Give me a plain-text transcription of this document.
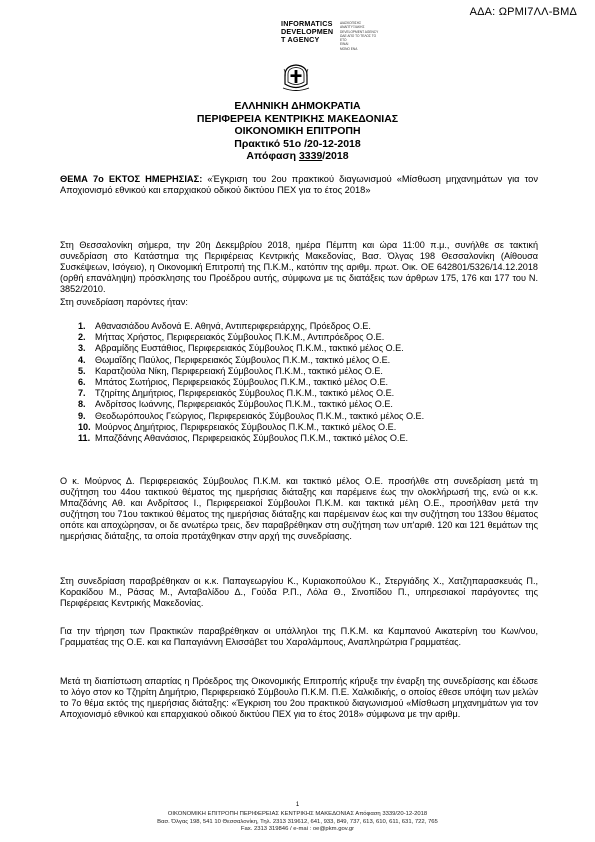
ΑΔΑ: ΩΡΜΙ7ΛΛ-ΒΜΔ
INFORMATICS
DEVELOPMEN
T AGENCY
ΔΙΑΣΚΟΠΙΣΗΣ
ΑΝΑΠΤΥΞΙΑΚΗΣ
DEVELOPMENT AGENCY
ΩΔΕ ΑΠΟ ΤΟ ΤΕΛΟΣ ΤΟ
ΕΤΟ
ΕΙΝΑΙ
ΜΟΝΟ ΕΝΑ
ΕΛΛΗΝΙΚΗ ΔΗΜΟΚΡΑΤΙΑ
ΠΕΡΙΦΕΡΕΙΑ ΚΕΝΤΡΙΚΗΣ ΜΑΚΕΔΟΝΙΑΣ
ΟΙΚΟΝΟΜΙΚΗ ΕΠΙΤΡΟΠΗ
Πρακτικό 51ο /20-12-2018
Απόφαση 3339/2018
ΘΕΜΑ 7ο ΕΚΤΟΣ ΗΜΕΡΗΣΙΑΣ: «Έγκριση του 2ου πρακτικού διαγωνισμού «Μίσθωση μηχανημάτων για τον Αποχιονισμό εθνικού και επαρχιακού οδικού δικτύου ΠΕΧ για το έτος 2018»
Στη Θεσσαλονίκη σήμερα, την 20η Δεκεμβρίου 2018, ημέρα Πέμπτη και ώρα 11:00 π.μ., συνήλθε σε τακτική συνεδρίαση στο Κατάστημα της Περιφέρειας Κεντρικής Μακεδονίας, Βασ. Όλγας 198 Θεσσαλονίκη (Αίθουσα Συσκέψεων, Ισόγειο), η Οικονομική Επιτροπή της Π.Κ.Μ., κατόπιν της αριθμ. πρωτ. Οικ. ΟΕ 642801/5326/14.12.2018 (ορθή επανάληψη) πρόσκλησης του Προέδρου αυτής, σύμφωνα με τις διατάξεις των άρθρων 175, 176 και 177 του Ν. 3852/2010.
Στη συνεδρίαση παρόντες ήταν:
1.	Αθανασιάδου Ανδονά Ε. Αθηνά, Αντιπεριφερειάρχης, Πρόεδρος Ο.Ε.
2.	Μήττας Χρήστος, Περιφερειακός Σύμβουλος Π.Κ.Μ., Αντιπρόεδρος Ο.Ε.
3.	Αβραμίδης Ευστάθιος, Περιφερειακός Σύμβουλος Π.Κ.Μ., τακτικό μέλος Ο.Ε.
4.	Θωμαΐδης Παύλος, Περιφερειακός Σύμβουλος Π.Κ.Μ., τακτικό μέλος Ο.Ε.
5.	Καρατζιούλα Νίκη, Περιφερειακή Σύμβουλος Π.Κ.Μ., τακτικό μέλος Ο.Ε.
6.	Μπάτος Σωτήριος, Περιφερειακός Σύμβουλος Π.Κ.Μ., τακτικό μέλος Ο.Ε.
7.	Τζηρίτης Δημήτριος, Περιφερειακός Σύμβουλος Π.Κ.Μ., τακτικό μέλος Ο.Ε.
8.	Ανδρίτσος Ιωάννης, Περιφερειακός Σύμβουλος Π.Κ.Μ., τακτικό μέλος Ο.Ε.
9.	Θεοδωρόπουλος Γεώργιος, Περιφερειακός Σύμβουλος Π.Κ.Μ., τακτικό μέλος Ο.Ε.
10. Μούρνος Δημήτριος, Περιφερειακός Σύμβουλος Π.Κ.Μ., τακτικό μέλος Ο.Ε.
11. Μπαζδάνης Αθανάσιος, Περιφερειακός Σύμβουλος Π.Κ.Μ., τακτικό μέλος Ο.Ε.
Ο κ. Μούρνος Δ. Περιφερειακός Σύμβουλος Π.Κ.Μ. και τακτικό μέλος Ο.Ε. προσήλθε στη συνεδρίαση μετά τη συζήτηση του 44ου τακτικού θέματος της ημερήσιας διάταξης και παρέμεινε έως την ολοκλήρωσή της, ενώ οι κ.κ. Μπαζδάνης Αθ. και Ανδρίτσος Ι., Περιφερειακοί Σύμβουλοι Π.Κ.Μ. και τακτικά μέλη Ο.Ε., προσήλθαν μετά την συζήτηση του 71ου τακτικού θέματος της ημερήσιας διάταξης και παρέμειναν έως και την συζήτηση του 133ου θέματος οπότε και αποχώρησαν, οι δε ανωτέρω τρεις, δεν παραβρέθηκαν στη συζήτηση των υπ'αριθ. 120 και 121 θεμάτων της ημερήσιας διάταξης, τα οποία προτάχθηκαν στην αρχή της συνεδρίασης.
Στη συνεδρίαση παραβρέθηκαν οι κ.κ. Παπαγεωργίου Κ., Κυριακοπούλου Κ., Στεργιάδης Χ., Χατζηπαρασκευάς Π., Κορακίδου Μ., Ράσας Μ., Ανταβαλίδου Δ., Γούδα Ρ.Π., Λόλα Θ., Σινοπίδου Π., υπηρεσιακοί παράγοντες της Περιφέρειας Κεντρικής Μακεδονίας.
Για την τήρηση των Πρακτικών παραβρέθηκαν οι υπάλληλοι της Π.Κ.Μ. κα Καμπανού Αικατερίνη του Κων/νου, Γραμματέας της Ο.Ε. και κα Παπαγιάννη Ελισσάβετ του Χαραλάμπους, Αναπληρώτρια Γραμματέας.
Μετά τη διαπίστωση απαρτίας η Πρόεδρος της Οικονομικής Επιτροπής κήρυξε την έναρξη της συνεδρίασης και έδωσε το λόγο στον κο Τζηρίτη Δημήτριο, Περιφερειακό Σύμβουλο Π.Κ.Μ. Π.Ε. Χαλκιδικής, ο οποίος έθεσε υπόψη των μελών το 7ο θέμα εκτός της ημερήσιας διάταξης: «Έγκριση του 2ου πρακτικού διαγωνισμού «Μίσθωση μηχανημάτων για τον Αποχιονισμό εθνικού και επαρχιακού οδικού δικτύου ΠΕΧ για το έτος 2018» σύμφωνα με την αριθμ.
1
ΟΙΚΟΝΟΜΙΚΗ ΕΠΙΤΡΟΠΗ ΠΕΡΙΦΕΡΕΙΑΣ ΚΕΝΤΡΙΚΗΣ ΜΑΚΕΔΟΝΙΑΣ Απόφαση 3339/20-12-2018
Βασ. Όλγας 198, 541 10 Θεσσαλονίκη, Τηλ. 2313 319612, 641, 933, 849, 737, 613, 610, 611, 631, 722, 765
Fax. 2313 319846 / e-mai : oe@pkm.gov.gr
